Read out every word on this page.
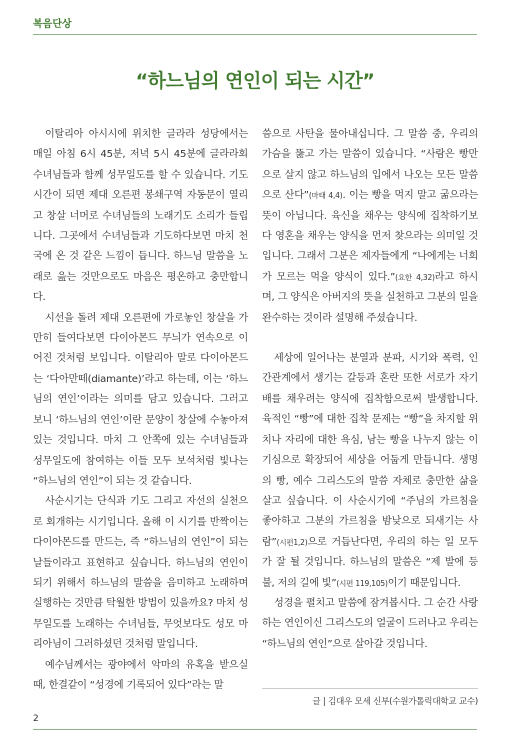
복음단상
“하느님의 연인이 되는 시간”

이탈리아 아시시에 위치한 글라라 성당에서는 매일 아침 6시 45분, 저녁 5시 45분에 글라라회 수녀님들과 함께 성무일도를 할 수 있습니다. 기도시간이 되면 제대 오른편 봉쇄구역 자동문이 열리고 창살 너머로 수녀님들의 노래기도 소리가 들립니다. 그곳에서 수녀님들과 기도하다보면 마치 천국에 온 것 같은 느낌이 듭니다. 하느님 말씀을 노래로 읊는 것만으로도 마음은 평온하고 충만합니다.

시선을 돌려 제대 오른편에 가로놓인 창살을 가만히 들여다보면 다이아몬드 무늬가 연속으로 이어진 것처럼 보입니다. 이탈리아 말로 다이아몬드는 ‘다아만떼(diamante)’라고 하는데, 이는 ‘하느님의 연인’이라는 의미를 담고 있습니다. 그러고 보니 ‘하느님의 연인’이란 문양이 창살에 수놓아져 있는 것입니다. 마치 그 안쪽에 있는 수녀님들과 성무일도에 참여하는 이들 모두 보석처럼 빛나는 “하느님의 연인”이 되는 것 같습니다.

사순시기는 단식과 기도 그리고 자선의 실천으로 회개하는 시기입니다. 올해 이 시기를 반짝이는 다이아몬드를 만드는, 즉 “하느님의 연인”이 되는 날들이라고 표현하고 싶습니다. 하느님의 연인이 되기 위해서 하느님의 말씀을 음미하고 노래하며 실행하는 것만큼 탁월한 방법이 있을까요? 마치 성무일도를 노래하는 수녀님들, 무엇보다도 성모 마리아님이 그러하셨던 것처럼 말입니다.

예수님께서는 광야에서 악마의 유혹을 받으실 때, 한결같이 “성경에 기록되어 있다”라는 말

씀으로 사탄을 물아내십니다. 그 말씀 중, 우리의 가슴을 뚫고 가는 말씀이 있습니다. “사람은 빵만으로 살지 않고 하느님의 입에서 나오는 모든 말씀으로 산다”(마태 4,4). 이는 빵을 먹지 말고 굶으라는 뜻이 아닙니다. 육신을 채우는 양식에 집착하기보다 영혼을 채우는 양식을 먼저 찾으라는 의미일 것입니다. 그래서 그분은 제자들에게 “나에게는 너희가 모르는 먹을 양식이 있다.”(요한 4,32)라고 하시며, 그 양식은 아버지의 뜻을 실천하고 그분의 일을 완수하는 것이라 설명해 주셨습니다.

세상에 일어나는 분열과 분파, 시기와 폭력, 인간관계에서 생기는 갈등과 혼란 또한 서로가 자기 배를 채우려는 양식에 집착함으로써 발생합니다. 육적인 “빵”에 대한 집착 문제는 “빵”을 차지할 위치나 자리에 대한 욕심, 남는 빵을 나누지 않는 이기심으로 확장되어 세상을 어둡게 만듭니다. 생명의 빵, 예수 그리스도의 말씀 자체로 충만한 삶을 살고 싶습니다. 이 사순시기에 “주님의 가르침을 좋아하고 그분의 가르침을 밤낮으로 되새기는 사람”(시편1,2)으로 거듭난다면, 우리의 하는 일 모두가 잘 될 것입니다. 하느님의 말씀은 “제 발에 등불, 저의 길에 빛”(시편 119,105)이기 때문입니다.

성경을 펼치고 말씀에 잠겨봅시다. 그 순간 사랑하는 연인이신 그리스도의 얼굴이 드러나고 우리는 “하느님의 연인”으로 살아갈 것입니다.

글 | 김대우 모세 신부(수원가톨릭대학교 교수)
2
